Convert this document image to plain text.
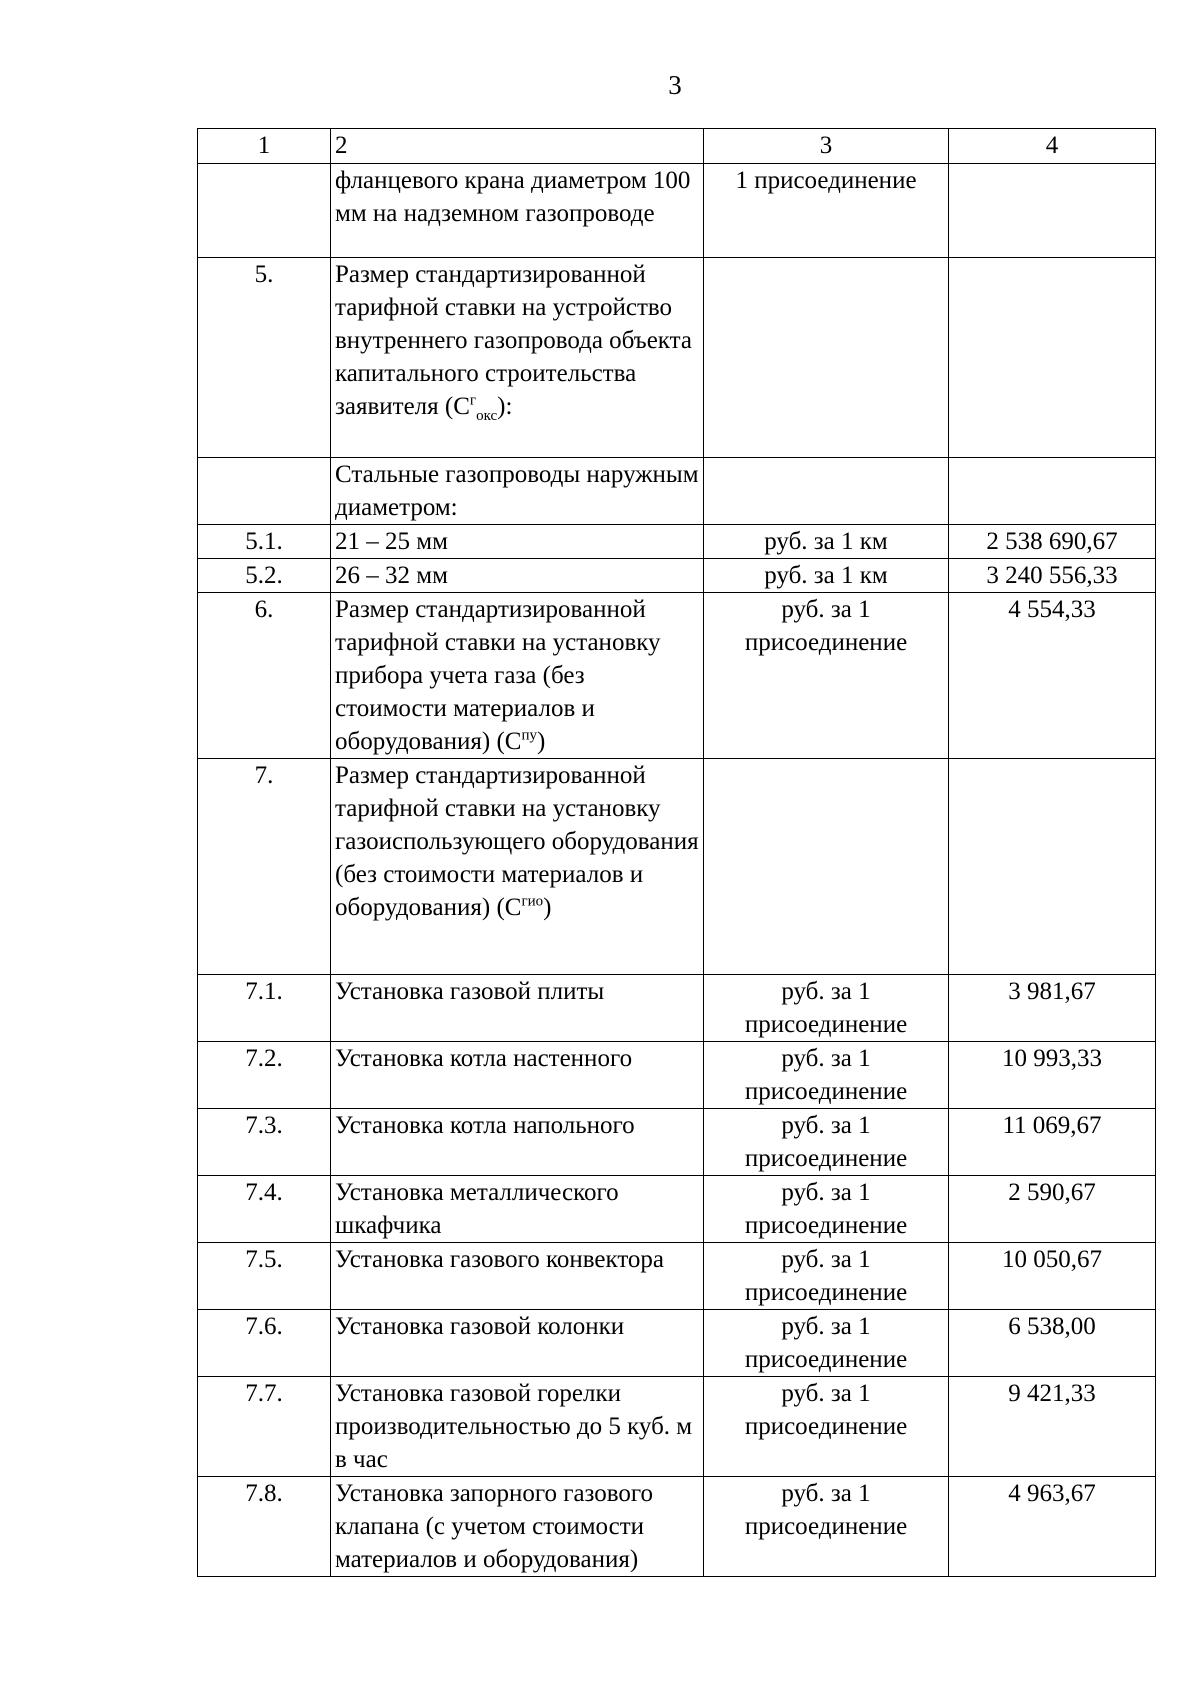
3
1	2	3	4
	фланцевого крана диаметром 100 мм на надземном газопроводе	1 присоединение	
5.	Размер стандартизированной тарифной ставки на устройство внутреннего газопровода объекта капитального строительства заявителя $(С^г_{окс})$:		
	Стальные газопроводы наружным диаметром:		
5.1.	21 – 25 мм	руб. за 1 км	2 538 690,67
5.2.	26 – 32 мм	руб. за 1 км	3 240 556,33
6.	Размер стандартизированной тарифной ставки на установку прибора учета газа (без стоимости материалов и оборудования) $(С^{пу})$	руб. за 1 присоединение	4 554,33
7.	Размер стандартизированной тарифной ставки на установку газоиспользующего оборудования (без стоимости материалов и оборудования) $(С^{гио})$		
7.1.	Установка газовой плиты	руб. за 1 присоединение	3 981,67
7.2.	Установка котла настенного	руб. за 1 присоединение	10 993,33
7.3.	Установка котла напольного	руб. за 1 присоединение	11 069,67
7.4.	Установка металлического шкафчика	руб. за 1 присоединение	2 590,67
7.5.	Установка газового конвектора	руб. за 1 присоединение	10 050,67
7.6.	Установка газовой колонки	руб. за 1 присоединение	6 538,00
7.7.	Установка газовой горелки производительностью до 5 куб. м в час	руб. за 1 присоединение	9 421,33
7.8.	Установка запорного газового клапана (с учетом стоимости материалов и оборудования)	руб. за 1 присоединение	4 963,67
